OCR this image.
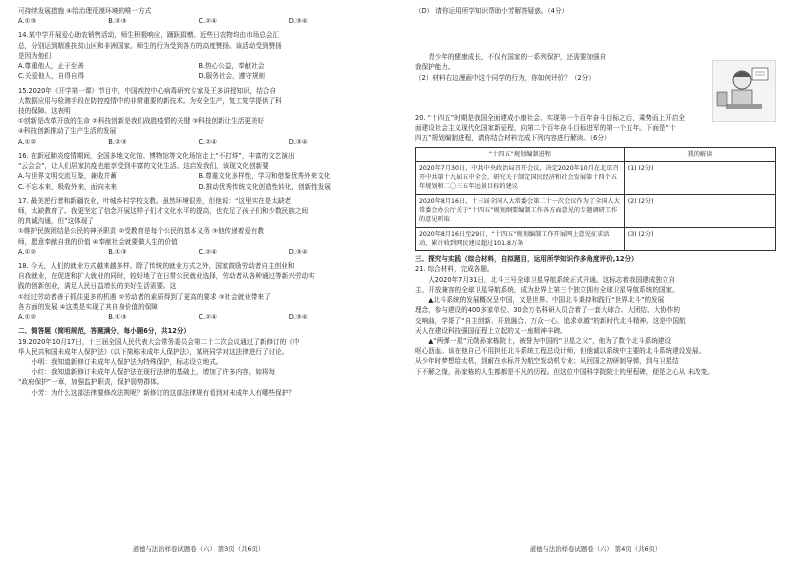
可持续发展措施 ④给治理荒漠环境的唯一方式

A.①③	B.②③	C.②④	D.③④

14.某中学开展爱心助农销售活动，师生积极响应，踊跃捐赠。近些日农物均由市场总会汇

总，分别运到精准扶贫山区和非洲国家。师生的行为受到各方的高度赞扬。该活动受到赞扬

是因为他们

A.尊重他人，止于至善	B.热心公益，奉献社会
C.关爱他人，自得自得	D.服务社会，遵守规则

15.2020年《开学第一课》节目中，中国疾控中心病毒研究专家及王多讲授知识，结合自

大数据应用与检测手段在防控疫情中的非常重要的新技术。为安全生产，复工复学提供了科

技的保障。这表明

①创新是改革开放的生命 ②科技创新是我们战胜疫情的关键 ③科技创新让生活更美好

④科技创新推动了生产生活的发展

A.①②	B.②③	C.②④	D.③④

16. 在新冠肺炎疫情期间，全国多地文化馆、博物馆等文化场馆走上“不打烊”，丰富的文艺演出

“云会会”，让人们居家抗疫也能享受到丰富的文化生活。这启发我们，该现文化创新要

A.与世界文明交流互鉴，兼收并蓄	B.尊重文化多样性，学习和借鉴优秀外来文化
C.不忘本来，吸收外来，面向未来	D.推动优秀传统文化创造性转化，创新性发展

17. 最美逆行者和新疆农业，叶城乡村学校支教。虽然环境很差，但他说：“这里实在是太缺老

师，太缺教育了。我更坚定了信念开展这样子们才文化水平的提高，也充足了孩子们和少数民族之间

的真诚沟通，但”这体现了

①维护民族团结是公民的神圣职责 ②受教育是每个公民的基本义务 ③他传递着爱有教

师，愿意奉献自我的价值 ④奉献社会就要做人生的价值

A.①②	B.①③	C.②④	D.③④

18. 今天，人们的就业方式越来越多样。除了传统的就业方式之外，国家鼓励劳动者自主创业和

自我就业，在促进和扩大就业的同时，较好地了在日常公民就业选择，劳动者从各种通过等新兴劳动实

践的创新创业，满足人民日益增长的美好生活需要。这

①经过劳动者善于抓住更多的机遇 ②劳动者的素质得到了更高的要求 ③社会就业带来了

各方面的发展 ④这类是实现了其自身价值的保障

A.①②	B.①③	C.②④	D.③④

二、简答题（简明规范，答题满分，每小题6分，共12分）

19.2020年10月17日，十三届全国人民代表大会常务委员会第二十二次会议通过了新修订的《中

华人民共和国未成年人保护法》（以下简称未成年人保护法），某班同学对这法律进行了讨论。

小明：我知道新修订未成年人保护法为特殊保护，标志设立地式。

小红：我知道新修订未成年人保护法在现行法律的基础上，增加了许多内容，如将每

“政府保护”一章，加强监护职责，保护弱势群体。

小芳：为什么这部法律要修改法规呢？新修订的这部法律规有看到对未成年人有哪些保护？

道德与法治样卷试题卷（六） 第3页（共6页）

（D） 请你运用所学知识帮助小芳解答疑惑。（4分）

青少年的健康成长，不仅有国家的一系列保护，还需要加强自

我保护能力。

（2）材料右边漫画中这个同学的行为，你如何评价？（2分）

20. “十四五”时期是我国全面建成小康社会、实现第一个百年奋斗目标之后，乘势而上开启全

面建设社会主义现代化国家新征程，向第二个百年奋斗目标进军的第一个五年。下面是“十

四五”规划编制进程，请你结合材料完成下列内容进行解读。（6分）

“十四五”规划编制进程	我的解读
2020年7月30日，中共中央政治局召开会议，决定2020年10月在北京召开中共第十九届五中全会，研究关于制定国民经济和社会发展第十四个五年规划和二〇三五年远景目标的建议	(1) (2分)
2020年8月16日，十三届全国人大常委会第二十一次会议作为了全国人大常委会办公厅关于“十四五”规划纲要编制工作各方面意见的专题调研工作的意见听取	(2) (2分)
2020年8月16日至29日，“十四五”规划编制工作开展网上意见征求活动，累计收到网民建议超过101.8万条	(3) (2分)

三、探究与实践（综合材料，自拟题目，运用所学知识作多角度评价,12分）

21. 综合材料，完成各题。

人2020年7月31日，北斗三号全球卫星导航系统正式开通。这标志着我国建成独立自

主、开放兼容的全球卫星导航系统，成为世界上第三个独立拥有全球卫星导航系统的国家。

▲北斗系统的发展概况呈中国，又是世界。中国北斗秉持和践行“世界北斗”的发展

理念，参与建设的400多家单位、30余万名科研人员合着了一套大球合、大团结、大协作的

交响曲，学哥了“自主创新、开放融合、万众一心、追求卓越”的新时代北斗精神。这是中国航

天人在建设科技强国征程上立起的又一座精神丰碑。

▲“两弹一星”元勋孙家栋院士，被誉为中国的“卫星之父”，他为了数个北斗系统建设

呕心沥血。该在他自己不用担任北斗系统工程总设计师，但他诚以系统中主要的北斗系统建设发展。

从少年时梦想给太机，到耐在水标并为航空发动机专业；从回国之初研制导弹，到与卫星结

下不解之缘，孙家栋的人生都都是不凡的历程。但这位中国科学院院士的里程碑，便是之心从 未改变。

道德与法治样卷试题卷（六） 第4页（共6页）
